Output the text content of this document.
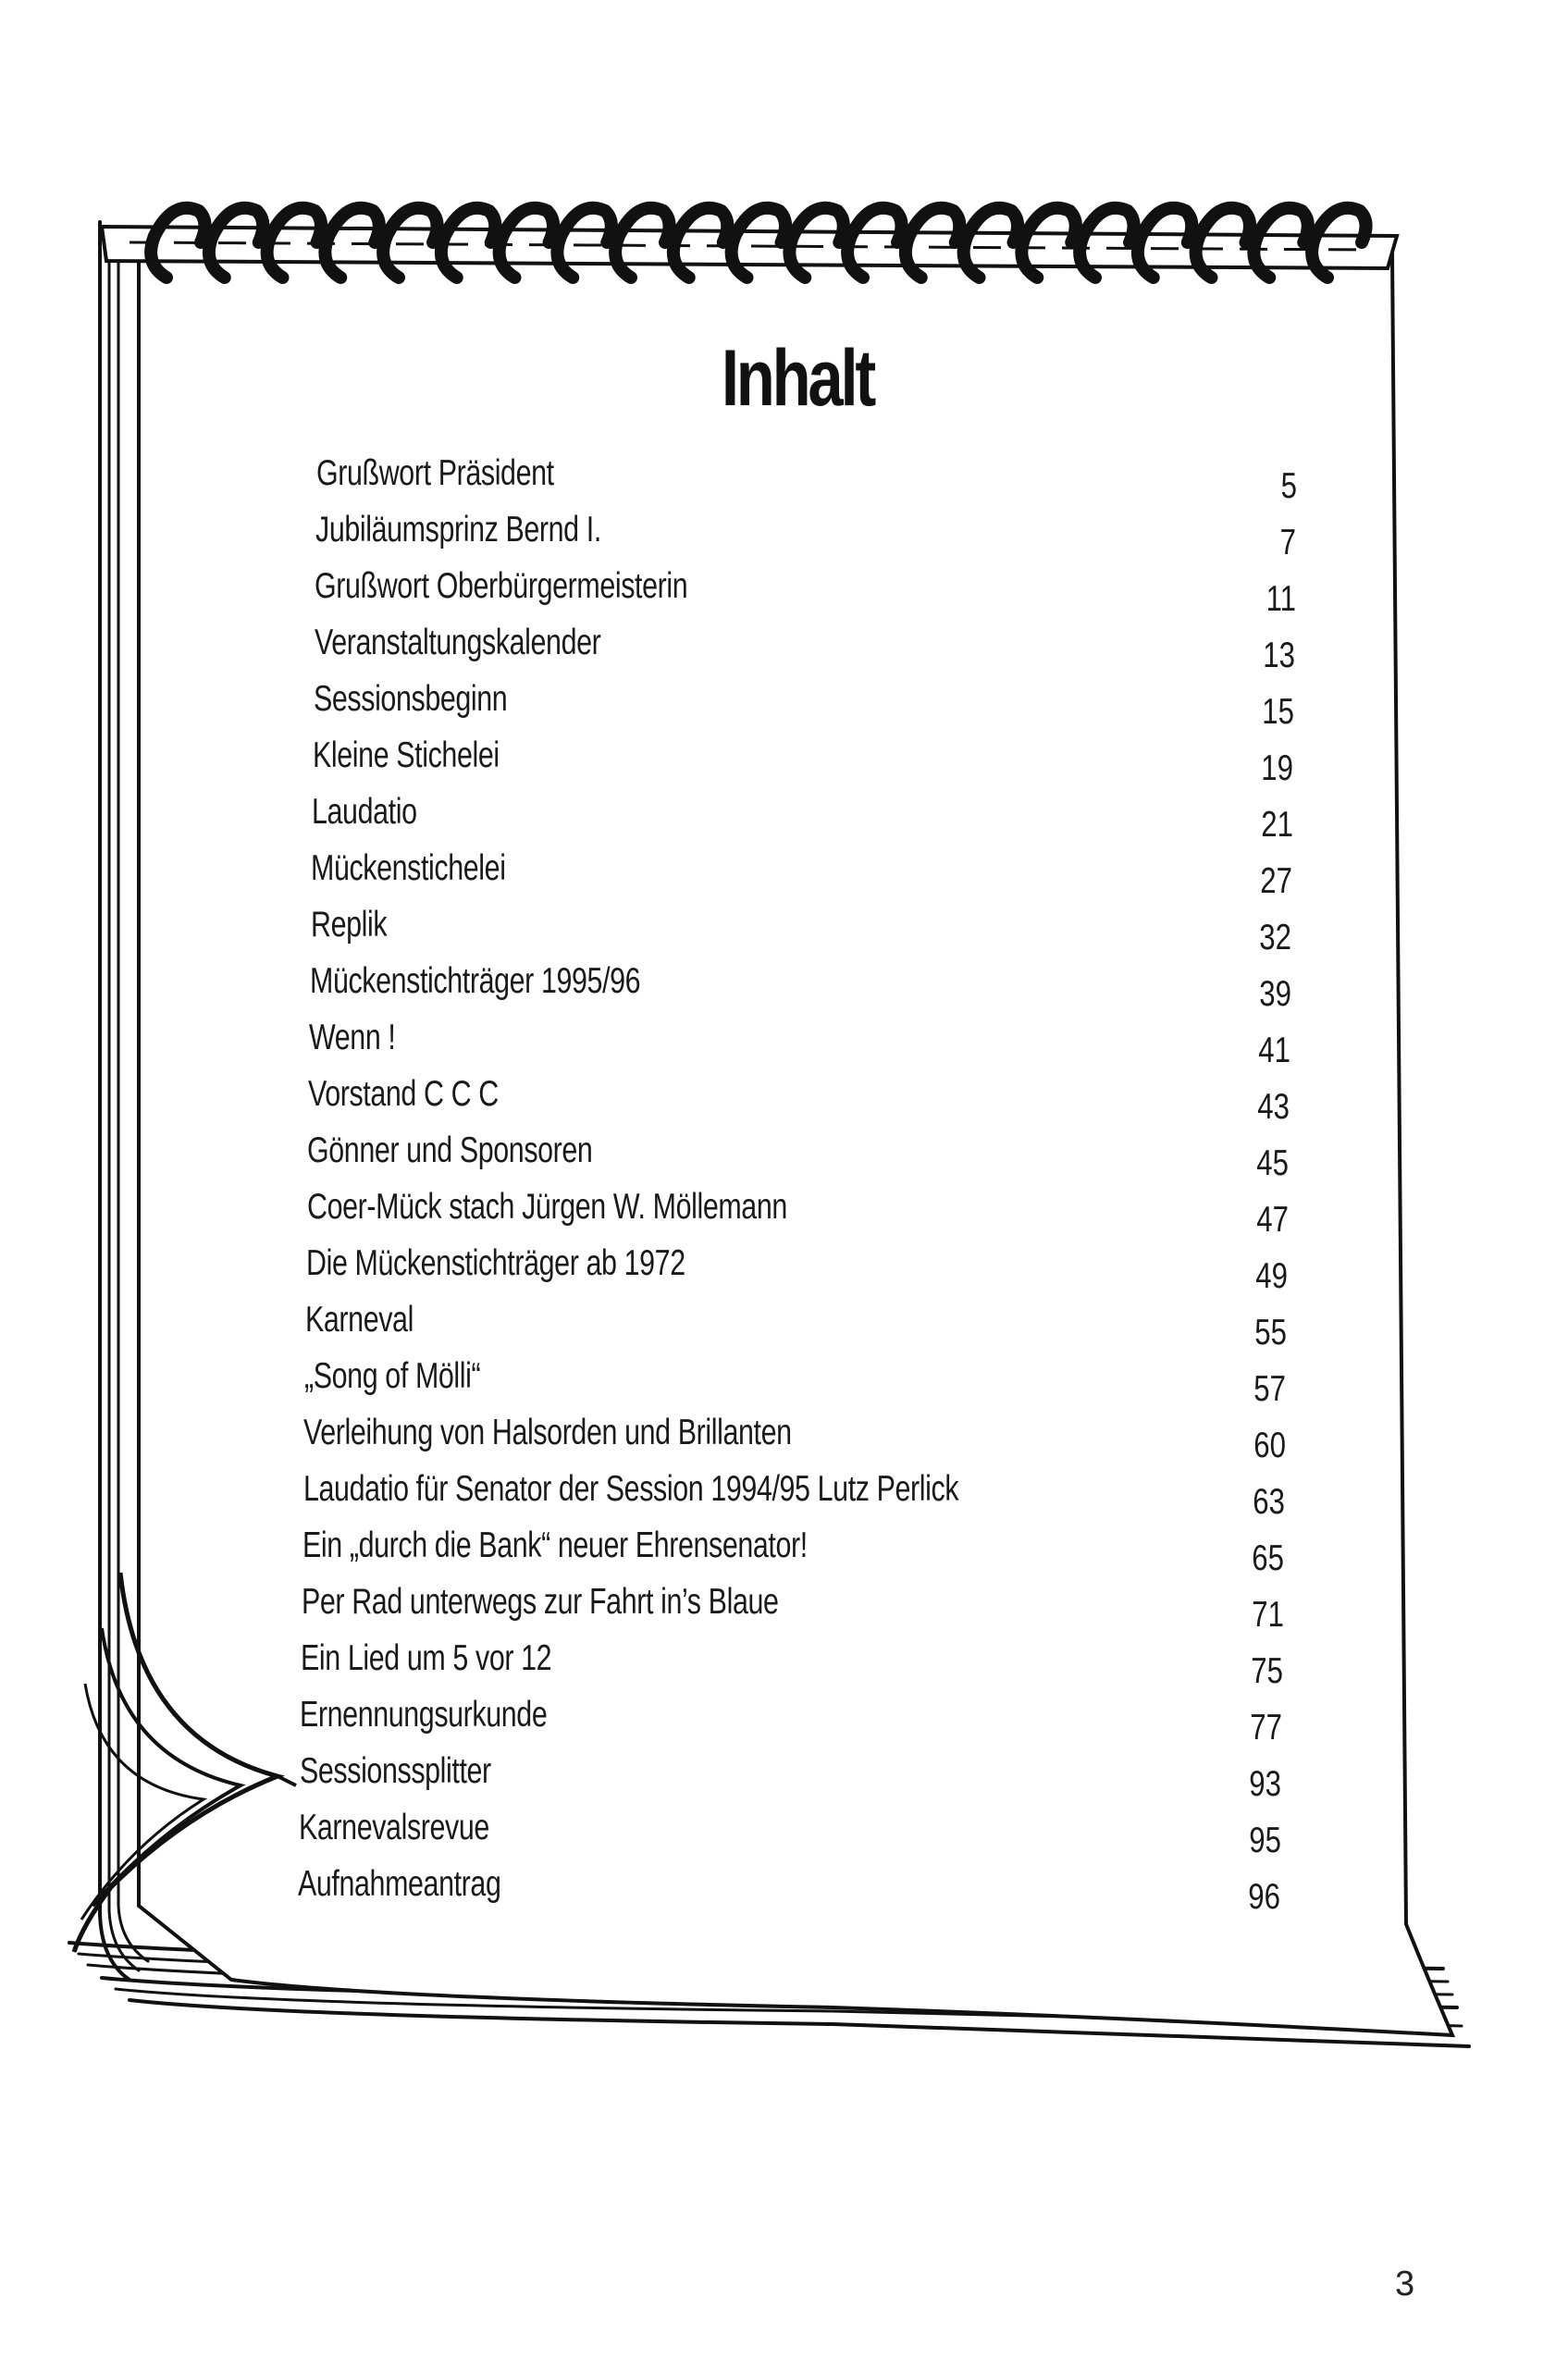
Inhalt
Grußwort Präsident	5
Jubiläumsprinz Bernd I.	7
Grußwort Oberbürgermeisterin	11
Veranstaltungskalender	13
Sessionsbeginn	15
Kleine Stichelei	19
Laudatio	21
Mückenstichelei	27
Replik	32
Mückenstichträger 1995/96	39
Wenn !	41
Vorstand C C C	43
Gönner und Sponsoren	45
Coer-Mück stach Jürgen W. Möllemann	47
Die Mückenstichträger ab 1972	49
Karneval	55
„Song of Mölli“	57
Verleihung von Halsorden und Brillanten	60
Laudatio für Senator der Session 1994/95 Lutz Perlick	63
Ein „durch die Bank“ neuer Ehrensenator!	65
Per Rad unterwegs zur Fahrt in’s Blaue	71
Ein Lied um 5 vor 12	75
Ernennungsurkunde	77
Sessionssplitter	93
Karnevalsrevue	95
Aufnahmeantrag	96
3
